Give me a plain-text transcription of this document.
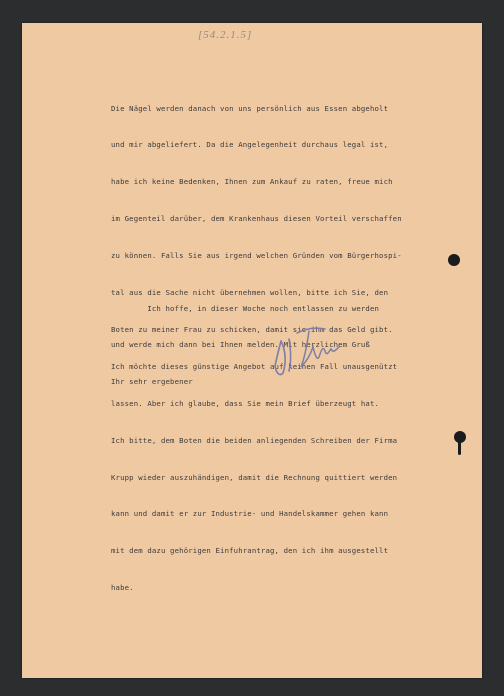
[54.2.1.5]

Die Nägel werden danach von uns persönlich aus Essen abgeholt

und mir abgeliefert. Da die Angelegenheit durchaus legal ist,

habe ich keine Bedenken, Ihnen zum Ankauf zu raten, freue mich

im Gegenteil darüber, dem Krankenhaus diesen Vorteil verschaffen

zu können. Falls Sie aus irgend welchen Gründen vom Bürgerhospi-

tal aus die Sache nicht übernehmen wollen, bitte ich Sie, den

Boten zu meiner Frau zu schicken, damit sie ihm das Geld gibt.

Ich möchte dieses günstige Angebot auf keinen Fall unausgenützt

lassen. Aber ich glaube, dass Sie mein Brief überzeugt hat.

Ich bitte, dem Boten die beiden anliegenden Schreiben der Firma

Krupp wieder auszuhändigen, damit die Rechnung quittiert werden

kann und damit er zur Industrie- und Handelskammer gehen kann

mit dem dazu gehörigen Einfuhrantrag, den ich ihm ausgestellt

habe.

Ich hoffe, in dieser Woche noch entlassen zu werden

und werde mich dann bei Ihnen melden. Mit herzlichem Gruß

Ihr sehr ergebener
